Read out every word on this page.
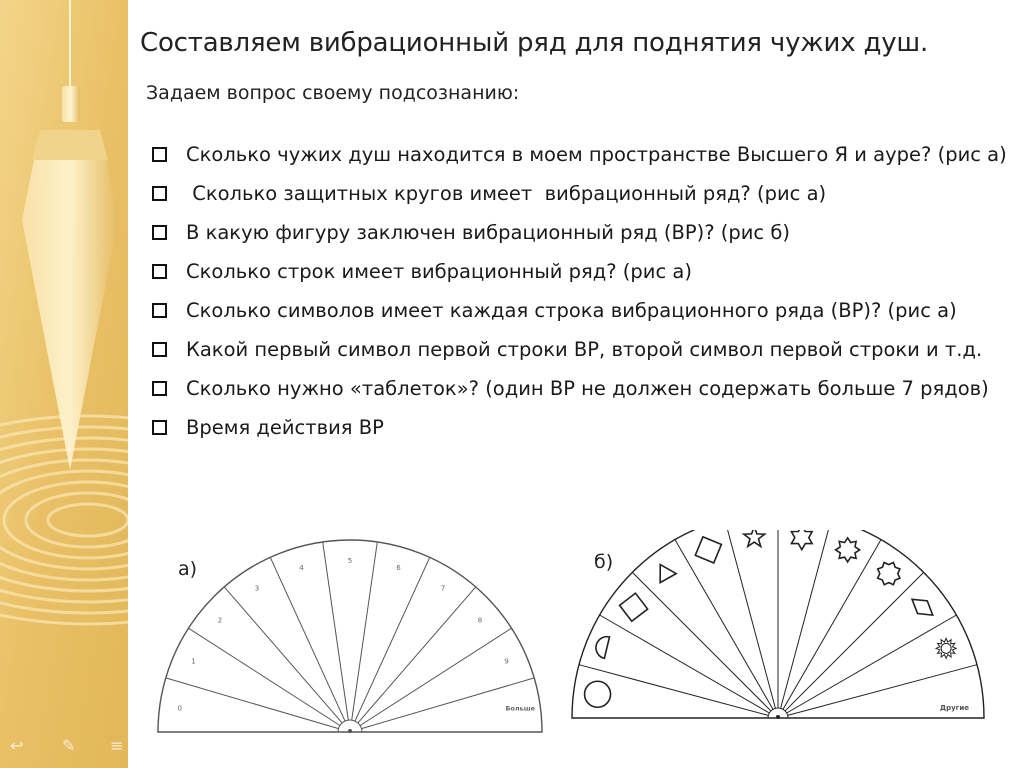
↩ ✎ ≡
Составляем вибрационный ряд для поднятия чужих душ.

Задаем вопрос своему подсознанию:

Сколько чужих душ находится в моем пространстве Высшего Я и ауре? (рис а)
Сколько защитных кругов имеет  вибрационный ряд? (рис а)
В какую фигуру заключен вибрационный ряд (ВР)? (рис б)
Сколько строк имеет вибрационный ряд? (рис а)
Сколько символов имеет каждая строка вибрационного ряда (ВР)? (рис а)
Какой первый символ первой строки ВР, второй символ первой строки и т.д.
Сколько нужно «таблеток»? (один ВР не должен содержать больше 7 рядов)
Время действия ВР
а)	б)
0
1
2
3
4
5
6
7
8
9
Больше	Другие
